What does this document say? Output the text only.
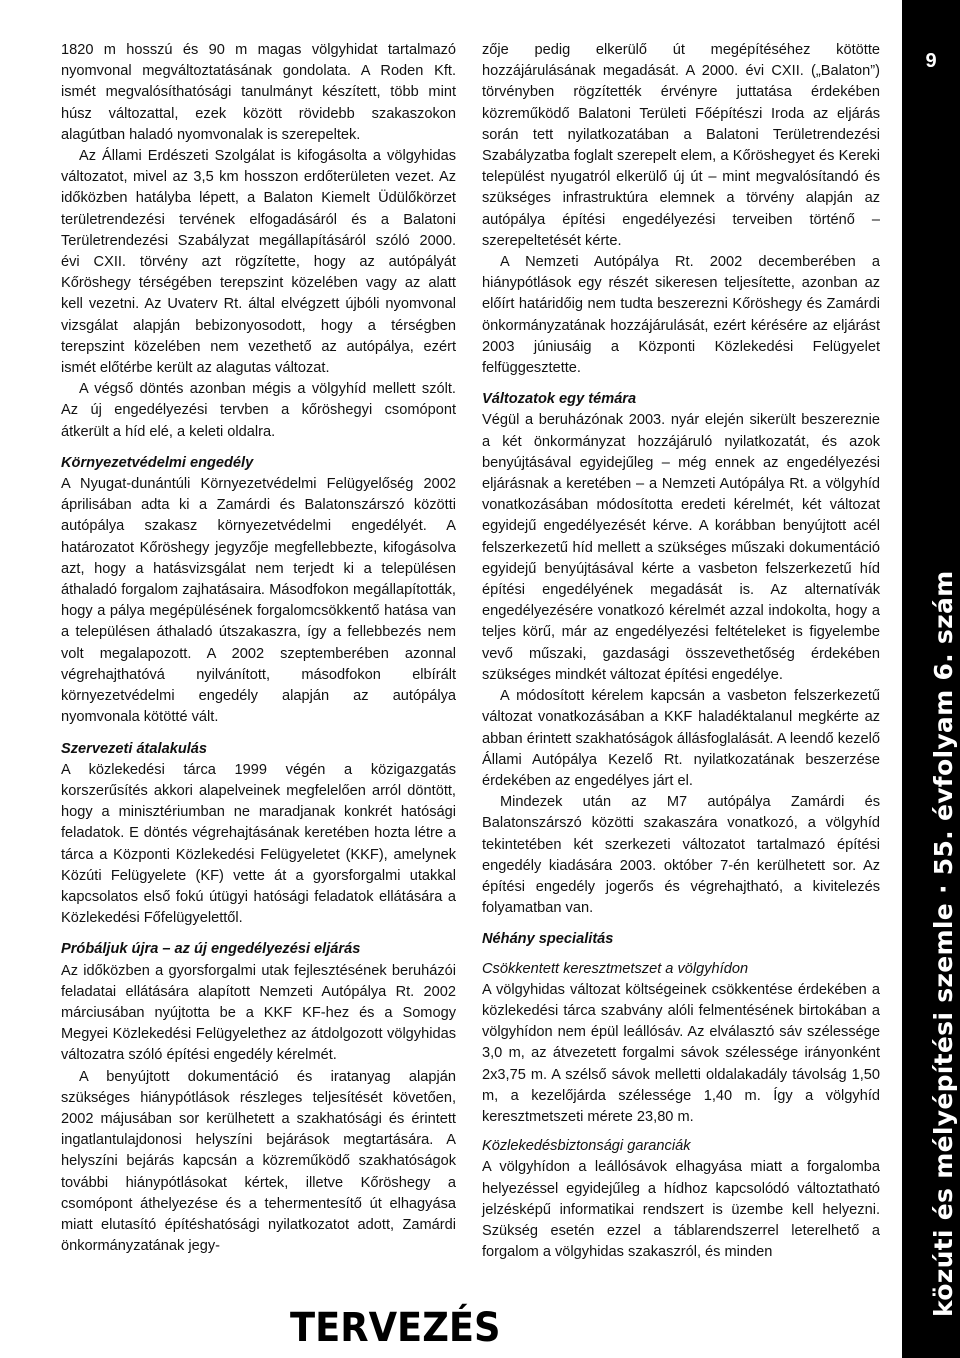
9
közúti és mélyépítési szemle · 55. évfolyam 6. szám

1820 m hosszú és 90 m magas völgyhidat tartalmazó nyomvonal megváltoztatásának gondolata. A Roden Kft. ismét megvalósíthatósági tanulmányt készített, több mint húsz változattal, ezek között rövidebb szakaszokon alagútban haladó nyomvonalak is szerepeltek.

Az Állami Erdészeti Szolgálat is kifogásolta a völgyhidas változatot, mivel az 3,5 km hosszon erdőterületen vezet. Az időközben hatályba lépett, a Balaton Kiemelt Üdülőkörzet területrendezési tervének elfogadásáról és a Balatoni Területrendezési Szabályzat megállapításáról szóló 2000. évi CXII. törvény azt rögzítette, hogy az autópályát Kőröshegy térségében terepszint közelében vagy az alatt kell vezetni. Az Uvaterv Rt. által elvégzett újbóli nyomvonal vizsgálat alapján bebizonyosodott, hogy a térségben terepszint közelében nem vezethető az autópálya, ezért ismét előtérbe került az alagutas változat.

A végső döntés azonban mégis a völgyhíd mellett szólt. Az új engedélyezési tervben a kőröshegyi csomópont átkerült a híd elé, a keleti oldalra.

Környezetvédelmi engedély

A Nyugat-dunántúli Környezetvédelmi Felügyelőség 2002 áprilisában adta ki a Zamárdi és Balatonszárszó közötti autópálya szakasz környezetvédelmi engedélyét. A határozatot Kőröshegy jegyzője megfellebbezte, kifogásolva azt, hogy a hatásvizsgálat nem terjedt ki a településen áthaladó forgalom zajhatásaira. Másodfokon megállapították, hogy a pálya megépülésének forgalomcsökkentő hatása van a településen áthaladó útszakaszra, így a fellebbezés nem volt megalapozott. A 2002 szeptemberében azonnal végrehajthatóvá nyilvánított, másodfokon elbírált környezetvédelmi engedély alapján az autópálya nyomvonala kötötté vált.

Szervezeti átalakulás

A közlekedési tárca 1999 végén a közigazgatás korszerűsítés akkori alapelveinek megfelelően arról döntött, hogy a minisztériumban ne maradjanak konkrét hatósági feladatok. E döntés végrehajtásának keretében hozta létre a tárca a Központi Közlekedési Felügyeletet (KKF), amelynek Közúti Felügyelete (KF) vette át a gyorsforgalmi utakkal kapcsolatos első fokú útügyi hatósági feladatok ellátására a Közlekedési Főfelügyelettől.

Próbáljuk újra – az új engedélyezési eljárás

Az időközben a gyorsforgalmi utak fejlesztésének beruházói feladatai ellátására alapított Nemzeti Autópálya Rt. 2002 márciusában nyújtotta be a KKF KF-hez és a Somogy Megyei Közlekedési Felügyelethez az átdolgozott völgyhidas változatra szóló építési engedély kérelmét.

A benyújtott dokumentáció és iratanyag alapján szükséges hiánypótlások részleges teljesítését követően, 2002 májusában sor kerülhetett a szakhatósági és érintett ingatlantulajdonosi helyszíni bejárások megtartására. A helyszíni bejárás kapcsán a közreműködő szakhatóságok további hiánypótlásokat kértek, illetve Kőröshegy a csomópont áthelyezése és a tehermentesítő út elhagyása miatt elutasító építéshatósági nyilatkozatot adott, Zamárdi önkormányzatának jegy-

zője pedig elkerülő út megépítéséhez kötötte hozzájárulásának megadását. A 2000. évi CXII. („Balaton”) törvényben rögzítették érvényre juttatása érdekében közreműködő Balatoni Területi Főépítészi Iroda az eljárás során tett nyilatkozatában a Balatoni Területrendezési Szabályzatba foglalt szerepelt elem, a Kőröshegyet és Kereki települést nyugatról elkerülő új út – mint megvalósítandó és szükséges infrastruktúra elemnek a törvény alapján az autópálya építési engedélyezési terveiben történő – szerepeltetését kérte.

A Nemzeti Autópálya Rt. 2002 decemberében a hiánypótlások egy részét sikeresen teljesítette, azonban az előírt határidőig nem tudta beszerezni Kőröshegy és Zamárdi önkormányzatának hozzájárulását, ezért kérésére az eljárást 2003 júniusáig a Központi Közlekedési Felügyelet felfüggesztette.

Változatok egy témára

Végül a beruházónak 2003. nyár elején sikerült beszereznie a két önkormányzat hozzájáruló nyilatkozatát, és azok benyújtásával egyidejűleg – még ennek az engedélyezési eljárásnak a keretében – a Nemzeti Autópálya Rt. a völgyhíd vonatkozásában módosította eredeti kérelmét, két változat egyidejű engedélyezését kérve. A korábban benyújtott acél felszerkezetű híd mellett a szükséges műszaki dokumentáció egyidejű benyújtásával kérte a vasbeton felszerkezetű híd építési engedélyének megadását is. Az alternatívák engedélyezésére vonatkozó kérelmét azzal indokolta, hogy a teljes körű, már az engedélyezési feltételeket is figyelembe vevő műszaki, gazdasági összevethetőség érdekében szükséges mindkét változat építési engedélye.

A módosított kérelem kapcsán a vasbeton felszerkezetű változat vonatkozásában a KKF haladéktalanul megkérte az abban érintett szakhatóságok állásfoglalását. A leendő kezelő Állami Autópálya Kezelő Rt. nyilatkozatának beszerzése érdekében az engedélyes járt el.

Mindezek után az M7 autópálya Zamárdi és Balatonszárszó közötti szakaszára vonatkozó, a völgyhíd tekintetében két szerkezeti változatot tartalmazó építési engedély kiadására 2003. október 7-én kerülhetett sor. Az építési engedély jogerős és végrehajtható, a kivitelezés folyamatban van.

Néhány specialitás
Csökkentett keresztmetszet a völgyhídon

A völgyhidas változat költségeinek csökkentése érdekében a közlekedési tárca szabvány alóli felmentésének birtokában a völgyhídon nem épül leállósáv. Az elválasztó sáv szélessége 3,0 m, az átvezetett forgalmi sávok szélessége irányonként 2x3,75 m. A szélső sávok melletti oldalakadály távolság 1,50 m, a kezelőjárda szélessége 1,40 m. Így a völgyhíd keresztmetszeti mérete 23,80 m.

Közlekedésbiztonsági garanciák

A völgyhídon a leállósávok elhagyása miatt a forgalomba helyezéssel egyidejűleg a hídhoz kapcsolódó változtatható jelzésképű informatikai rendszert is üzembe kell helyezni. Szükség esetén ezzel a táblarendszerrel leterelhető a forgalom a völgyhidas szakaszról, és minden

TERVEZÉS
